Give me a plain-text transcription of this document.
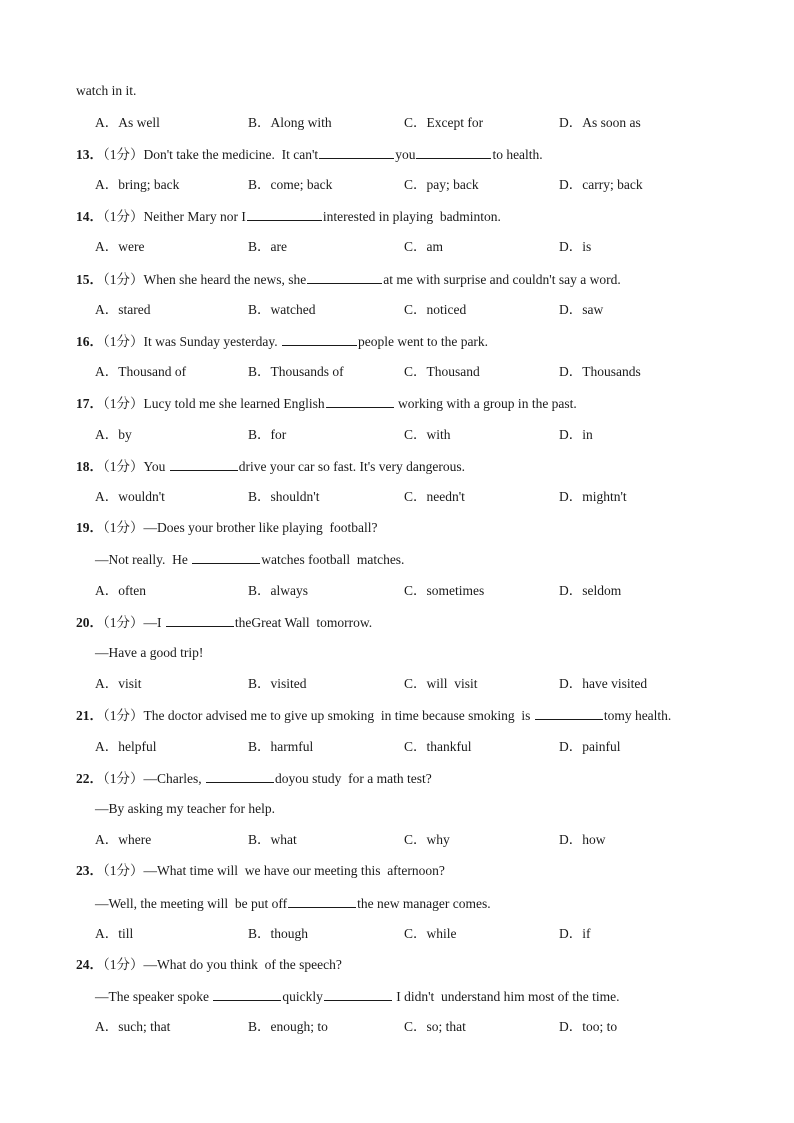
watch in it.
A．As well	B．Along with	C．Except for	D．As soon as
13．（1分）Don't take the medicine.  It can't	you	to health.
A．bring; back	B．come; back	C．pay; back	D．carry; back
14．（1分）Neither Mary nor I	interested in playing  badminton.
A．were	B．are	C．am	D．is
15．（1分）When she heard the news, she	at me with surprise and couldn't say a word.
A．stared	B．watched	C．noticed	D．saw
16．（1分）It was Sunday yesterday.	people went to the park.
A．Thousand of	B．Thousands of	C．Thousand	D．Thousands
17．（1分）Lucy told me she learned English	working with a group in the past.
A．by	B．for	C．with	D．in
18．（1分）You	drive your car so fast. It's very dangerous.
A．wouldn't	B．shouldn't	C．needn't	D．mightn't
19．（1分）—Does your brother like playing  football?
—Not really.  He	watches football  matches.
A．often	B．always	C．sometimes	D．seldom
20．（1分）—I	theGreat Wall  tomorrow.
—Have a good trip!
A．visit	B．visited	C．will  visit	D．have visited
21．（1分）The doctor advised me to give up smoking  in time because smoking  is	tomy health.
A．helpful	B．harmful	C．thankful	D．painful
22．（1分）—Charles,	doyou study  for a math test?
—By asking my teacher for help.
A．where	B．what	C．why	D．how
23．（1分）—What time will  we have our meeting this  afternoon?
—Well, the meeting will  be put off	the new manager comes.
A．till	B．though	C．while	D．if
24．（1分）—What do you think  of the speech?
—The speaker spoke	quickly	I didn't  understand him most of the time.
A．such; that	B．enough; to	C．so; that	D．too; to
